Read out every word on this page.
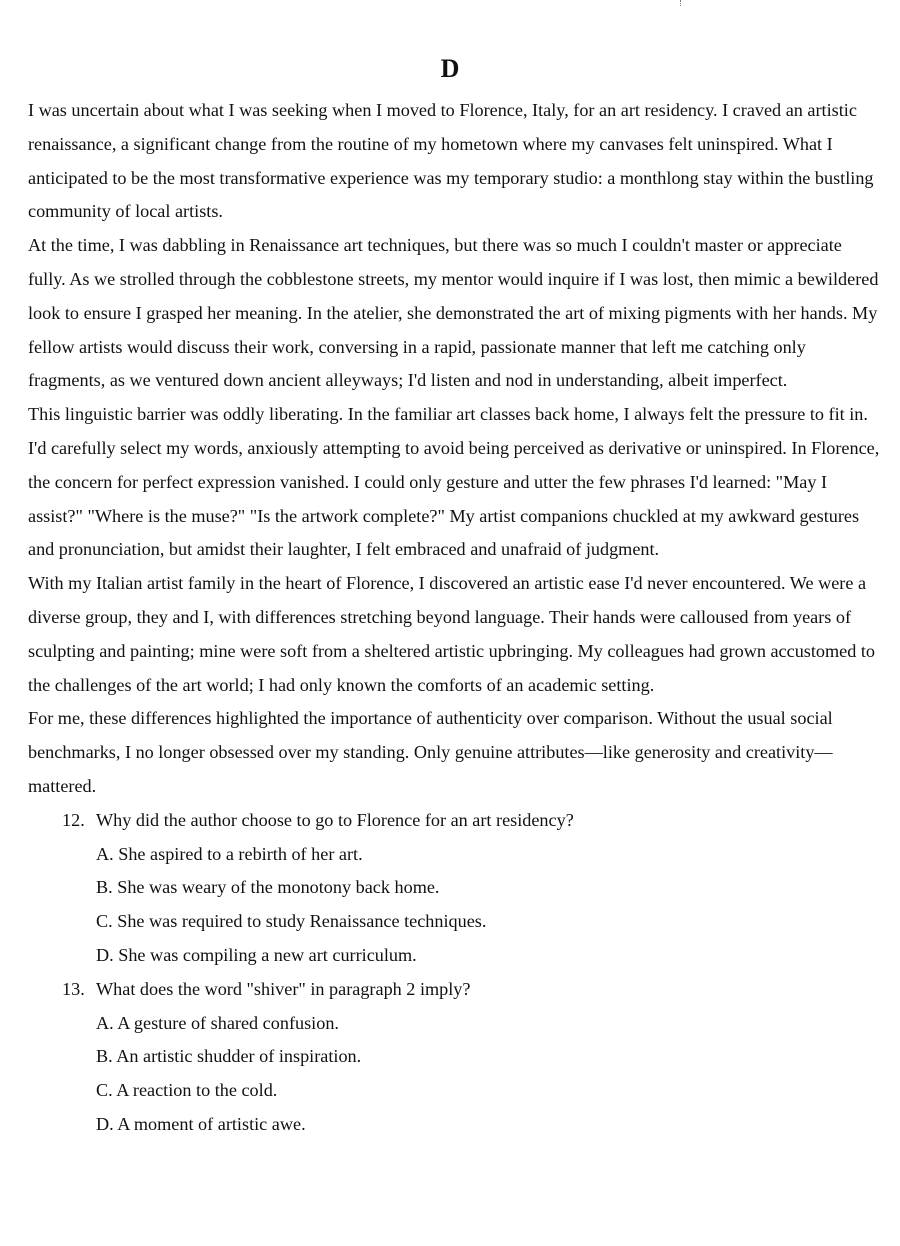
D

I was uncertain about what I was seeking when I moved to Florence, Italy, for an art residency. I craved an artistic renaissance, a significant change from the routine of my hometown where my canvases felt uninspired. What I anticipated to be the most transformative experience was my temporary studio: a monthlong stay within the bustling community of local artists.

At the time, I was dabbling in Renaissance art techniques, but there was so much I couldn't master or appreciate fully. As we strolled through the cobblestone streets, my mentor would inquire if I was lost, then mimic a bewildered look to ensure I grasped her meaning. In the atelier, she demonstrated the art of mixing pigments with her hands. My fellow artists would discuss their work, conversing in a rapid, passionate manner that left me catching only fragments, as we ventured down ancient alleyways; I'd listen and nod in understanding, albeit imperfect.

This linguistic barrier was oddly liberating. In the familiar art classes back home, I always felt the pressure to fit in. I'd carefully select my words, anxiously attempting to avoid being perceived as derivative or uninspired. In Florence, the concern for perfect expression vanished. I could only gesture and utter the few phrases I'd learned: "May I assist?" "Where is the muse?" "Is the artwork complete?" My artist companions chuckled at my awkward gestures and pronunciation, but amidst their laughter, I felt embraced and unafraid of judgment.

With my Italian artist family in the heart of Florence, I discovered an artistic ease I'd never encountered. We were a diverse group, they and I, with differences stretching beyond language. Their hands were calloused from years of sculpting and painting; mine were soft from a sheltered artistic upbringing. My colleagues had grown accustomed to the challenges of the art world; I had only known the comforts of an academic setting.

For me, these differences highlighted the importance of authenticity over comparison. Without the usual social benchmarks, I no longer obsessed over my standing. Only genuine attributes—like generosity and creativity—mattered.

12. Why did the author choose to go to Florence for an art residency?
A. She aspired to a rebirth of her art.
B. She was weary of the monotony back home.
C. She was required to study Renaissance techniques.
D. She was compiling a new art curriculum.
13. What does the word "shiver" in paragraph 2 imply?
A. A gesture of shared confusion.
B. An artistic shudder of inspiration.
C. A reaction to the cold.
D. A moment of artistic awe.
